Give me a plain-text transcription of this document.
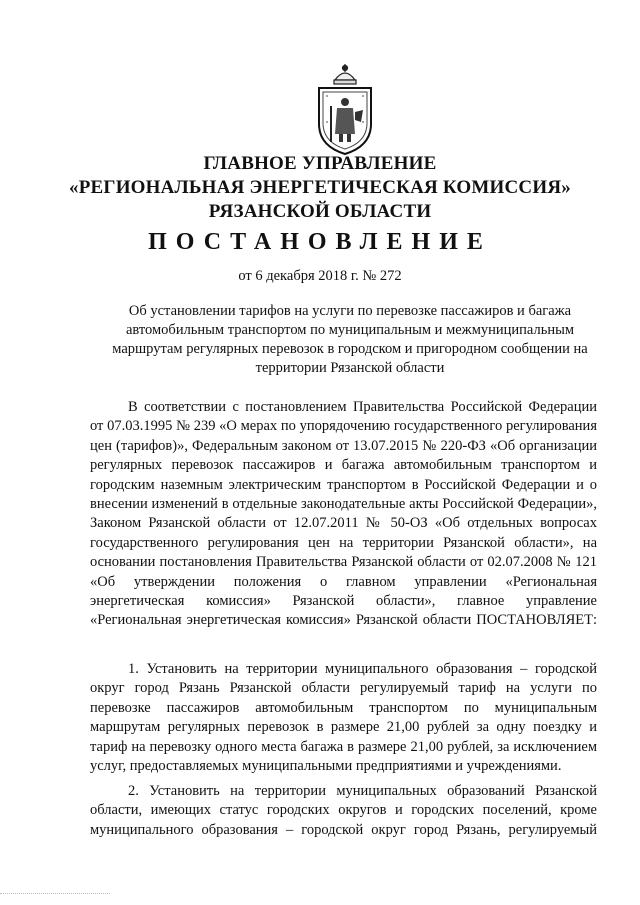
ГЛАВНОЕ УПРАВЛЕНИЕ
«РЕГИОНАЛЬНАЯ ЭНЕРГЕТИЧЕСКАЯ КОМИССИЯ»
РЯЗАНСКОЙ ОБЛАСТИ
ПОСТАНОВЛЕНИЕ
от 6 декабря 2018 г. № 272
Об установлении тарифов на услуги по перевозке пассажиров и багажа автомобильным транспортом по муниципальным и межмуниципальным маршрутам регулярных перевозок в городском и пригородном сообщении на территории Рязанской области
В соответствии с постановлением Правительства Российской Федерации от 07.03.1995 № 239 «О мерах по упорядочению государственного регулирования цен (тарифов)», Федеральным законом от 13.07.2015 № 220-ФЗ «Об организации регулярных перевозок пассажиров и багажа автомобильным транспортом и городским наземным электрическим транспортом в Российской Федерации и о внесении изменений в отдельные законодательные акты Российской Федерации», Законом Рязанской области от 12.07.2011 № 50-ОЗ «Об отдельных вопросах государственного регулирования цен на территории Рязанской области», на основании постановления Правительства Рязанской области от 02.07.2008 № 121 «Об утверждении положения о главном управлении «Региональная энергетическая комиссия» Рязанской области», главное управление «Региональная энергетическая комиссия» Рязанской области ПОСТАНОВЛЯЕТ:
1. Установить на территории муниципального образования – городской округ город Рязань Рязанской области регулируемый тариф на услуги по перевозке пассажиров автомобильным транспортом по муниципальным маршрутам регулярных перевозок в размере 21,00 рублей за одну поездку и тариф на перевозку одного места багажа в размере 21,00 рублей, за исключением услуг, предоставляемых муниципальными предприятиями и учреждениями.
2. Установить на территории муниципальных образований Рязанской области, имеющих статус городских округов и городских поселений, кроме муниципального образования – городской округ город Рязань, регулируемый
